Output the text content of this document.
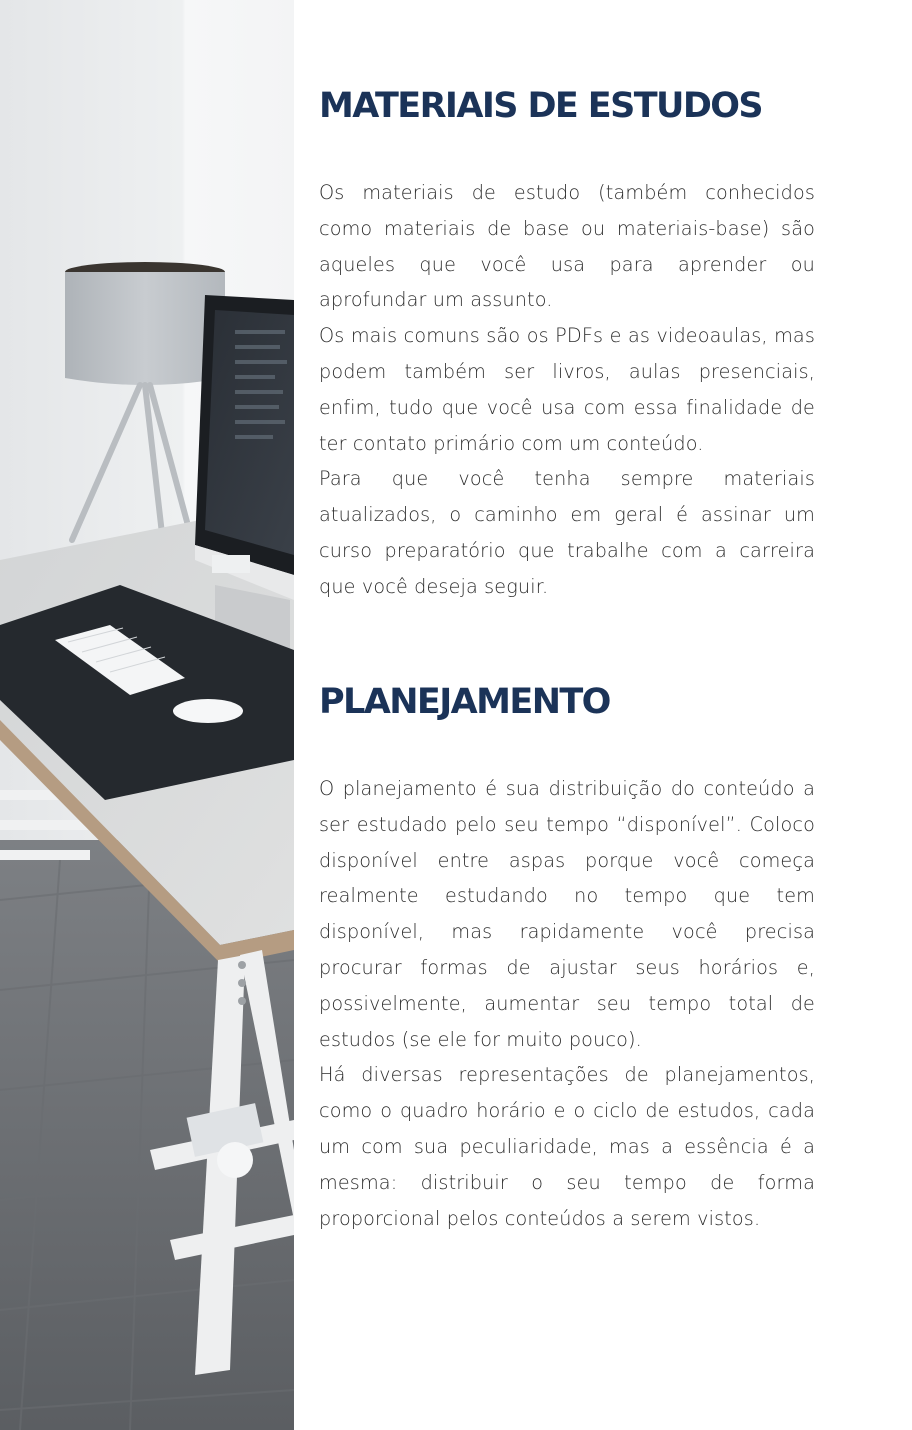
MATERIAIS DE ESTUDOS

Os materiais de estudo (também conhecidos como materiais de base ou materiais-base) são aqueles que você usa para aprender ou aprofundar um assunto.

Os mais comuns são os PDFs e as videoaulas, mas podem também ser livros, aulas presenciais, enfim, tudo que você usa com essa finalidade de ter contato primário com um conteúdo.

Para que você tenha sempre materiais atualizados, o caminho em geral é assinar um curso preparatório que trabalhe com a carreira que você deseja seguir.

PLANEJAMENTO

O planejamento é sua distribuição do conteúdo a ser estudado pelo seu tempo “disponível”. Coloco disponível entre aspas porque você começa realmente estudando no tempo que tem disponível, mas rapidamente você precisa procurar formas de ajustar seus horários e, possivelmente, aumentar seu tempo total de estudos (se ele for muito pouco).

Há diversas representações de planejamentos, como o quadro horário e o ciclo de estudos, cada um com sua peculiaridade, mas a essência é a mesma: distribuir o seu tempo de forma proporcional pelos conteúdos a serem vistos.
